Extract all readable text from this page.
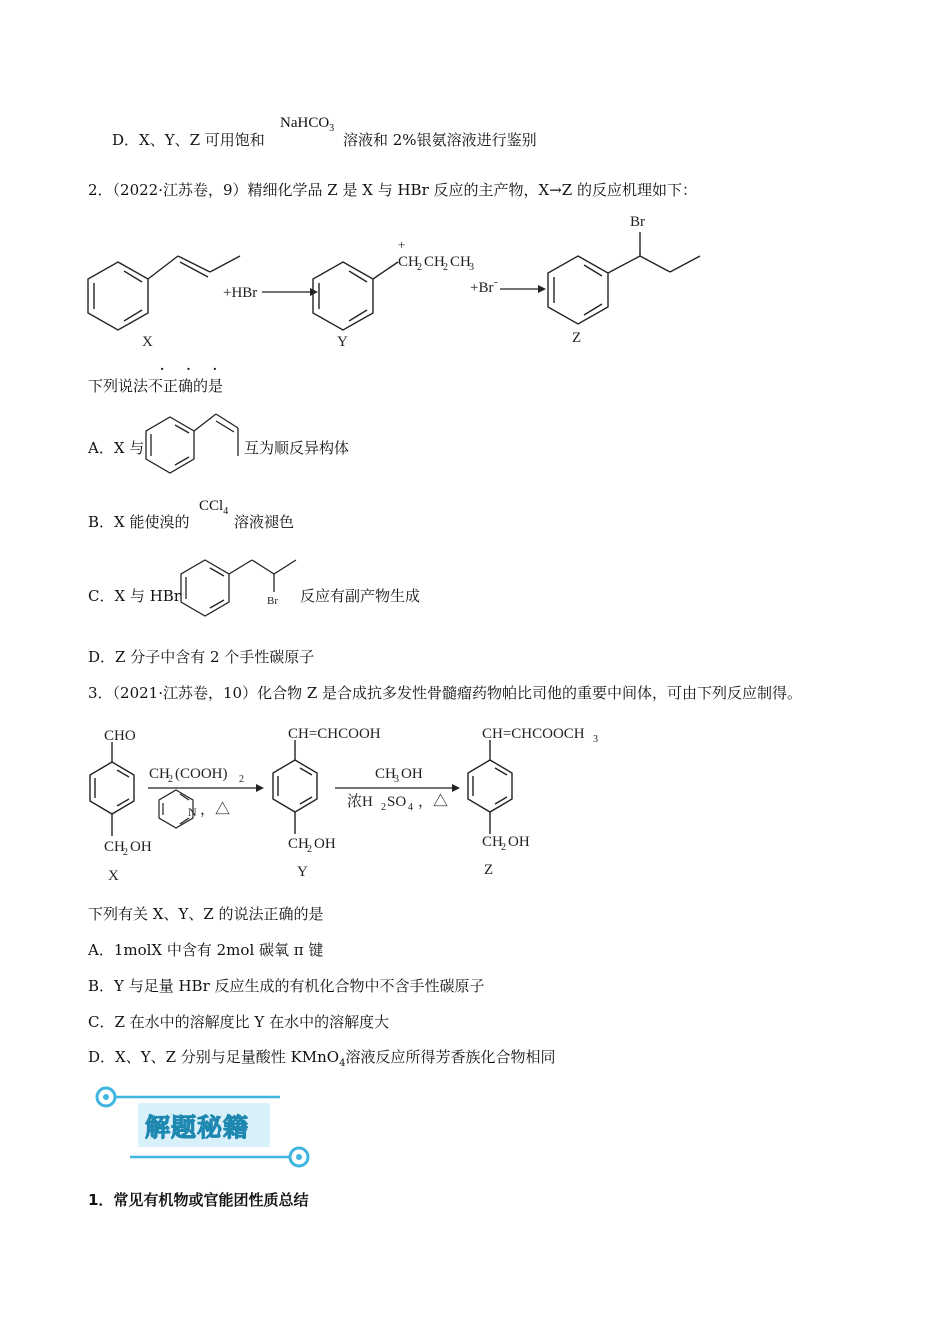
D．X、Y、Z 可用饱和
NaHCO$_3$
溶液和 2%银氨溶液进行鉴别
2．（2022·江苏卷，9）精细化学品 Z 是 X 与 HBr 反应的主产物，X→Z 的反应机理如下：
X
+HBr
+
CH
2 CH
2 CH
3
Y
+Br -
Br
Z
下列说法不正确的是
· · ·
A．X 与	互为顺反异构体
B．X 能使溴的
CCl$_4$
溶液褪色
C．X 与 HBr	Br 反应有副产物生成
D．Z 分子中含有 2 个手性碳原子
3．（2021·江苏卷，10）化合物 Z 是合成抗多发性骨髓瘤药物帕比司他的重要中间体，可由下列反应制得。
CHO
CH
2 OH
X
CH
2 (COOH) 2
N ，△
CH=CHCOOH
CH
2 OH
Y
CH
3 OH
浓H 2 SO 4 ，△
CH=CHCOOCH 3
CH
2 OH
Z
下列有关 X、Y、Z 的说法正确的是
A．1molX 中含有 2mol 碳氧 π 键
B．Y 与足量 HBr 反应生成的有机化合物中不含手性碳原子
C．Z 在水中的溶解度比 Y 在水中的溶解度大
D．X、Y、Z 分别与足量酸性 KMnO$_4$溶液反应所得芳香族化合物相同
解题秘籍
1．常见有机物或官能团性质总结
